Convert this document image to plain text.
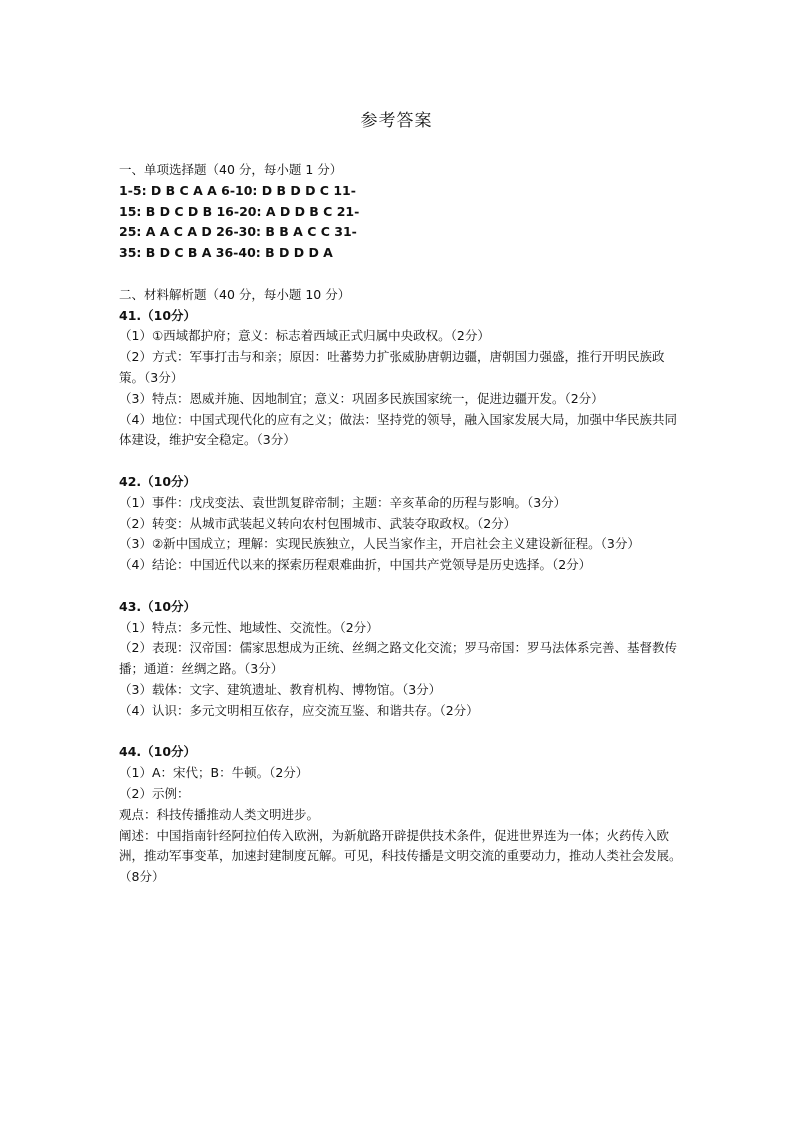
参考答案
一、单项选择题（40 分，每小题 1 分）
1-5: D B C A A 6-10: D B D D C 11-15: B D C D B 16-20: A D D B C 21-25: A A C A D 26-30: B B A C C 31-35: B D C B A 36-40: B D D D A
二、材料解析题（40 分，每小题 10 分）
41.（10分）
（1）①西域都护府；意义：标志着西域正式归属中央政权。（2分）
（2）方式：军事打击与和亲；原因：吐蕃势力扩张威胁唐朝边疆，唐朝国力强盛，推行开明民族政策。（3分）
（3）特点：恩威并施、因地制宜；意义：巩固多民族国家统一，促进边疆开发。（2分）
（4）地位：中国式现代化的应有之义；做法：坚持党的领导，融入国家发展大局，加强中华民族共同体建设，维护安全稳定。（3分）
42.（10分）
（1）事件：戊戌变法、袁世凯复辟帝制；主题：辛亥革命的历程与影响。（3分）
（2）转变：从城市武装起义转向农村包围城市、武装夺取政权。（2分）
（3）②新中国成立；理解：实现民族独立，人民当家作主，开启社会主义建设新征程。（3分）
（4）结论：中国近代以来的探索历程艰难曲折，中国共产党领导是历史选择。（2分）
43.（10分）
（1）特点：多元性、地域性、交流性。（2分）
（2）表现：汉帝国：儒家思想成为正统、丝绸之路文化交流；罗马帝国：罗马法体系完善、基督教传播；通道：丝绸之路。（3分）
（3）载体：文字、建筑遗址、教育机构、博物馆。（3分）
（4）认识：多元文明相互依存，应交流互鉴、和谐共存。（2分）
44.（10分）
（1）A：宋代；B：牛顿。（2分）
（2）示例：
观点：科技传播推动人类文明进步。
阐述：中国指南针经阿拉伯传入欧洲，为新航路开辟提供技术条件，促进世界连为一体；火药传入欧洲，推动军事变革，加速封建制度瓦解。可见，科技传播是文明交流的重要动力，推动人类社会发展。（8分）
